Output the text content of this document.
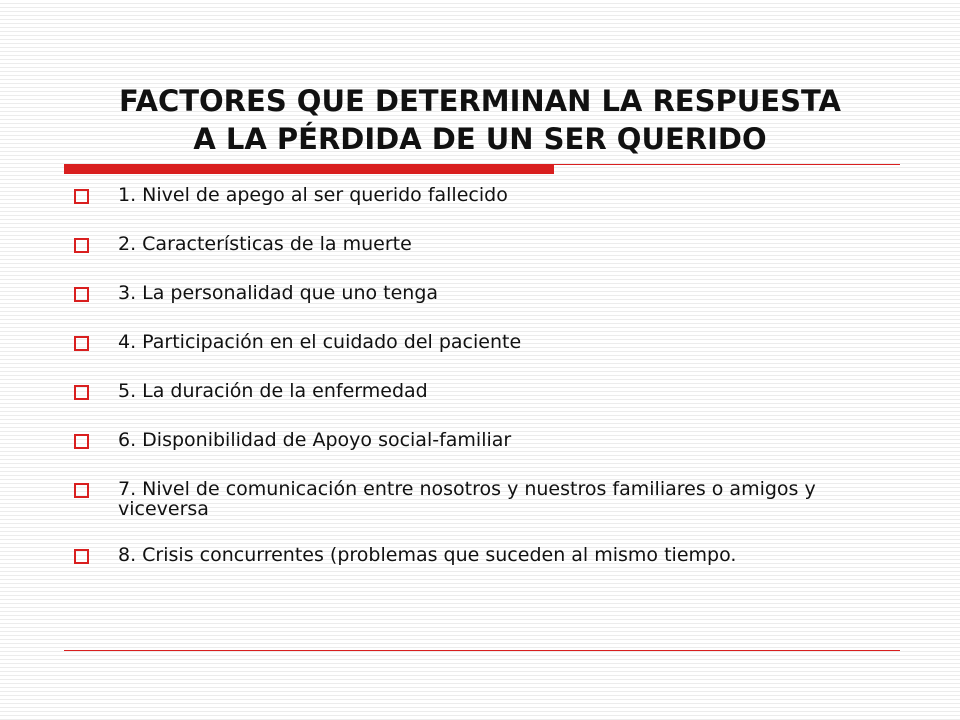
FACTORES QUE DETERMINAN LA RESPUESTA
A LA PÉRDIDA DE UN SER QUERIDO
1. Nivel de apego al ser querido fallecido
2. Características de la muerte
3. La personalidad que uno tenga
4. Participación en el cuidado del paciente
5. La duración de la enfermedad
6. Disponibilidad de Apoyo social-familiar
7. Nivel de comunicación entre nosotros y nuestros familiares o amigos y viceversa
8. Crisis concurrentes (problemas que suceden al mismo tiempo.
